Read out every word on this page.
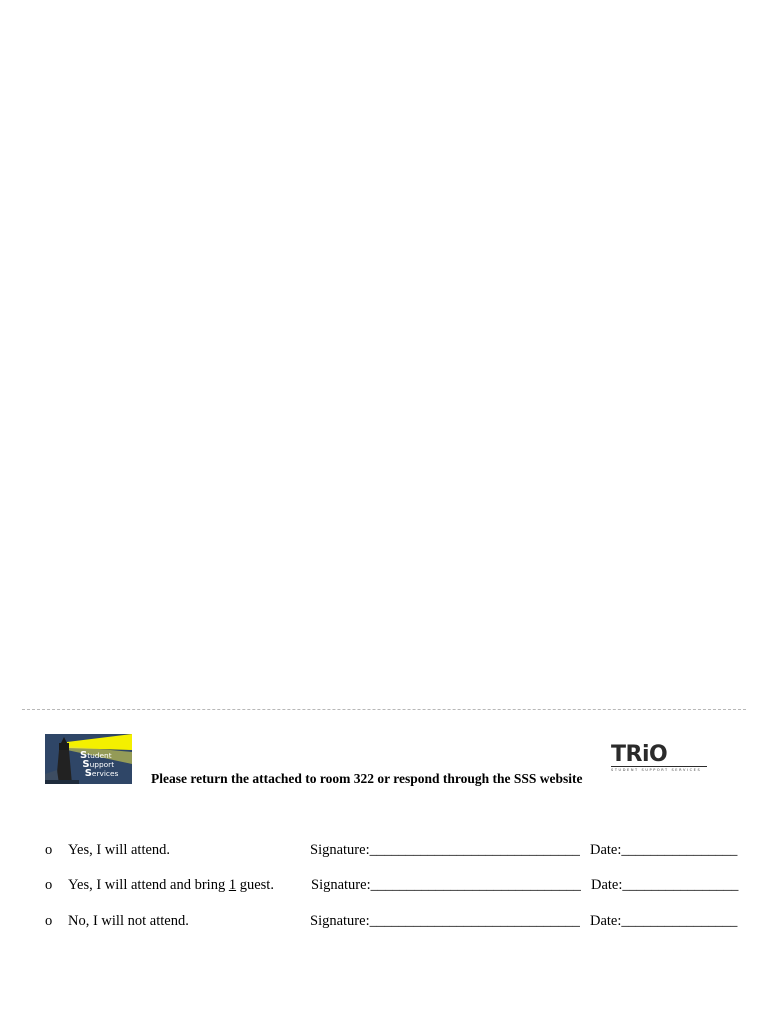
Student
Support
Services
TRiO
STUDENT SUPPORT SERVICES
Please return the attached to room 322 or respond through the SSS website
o Yes, I will attend.	Signature:_____________________________ Date:________________
o Yes, I will attend and bring 1 guest.	Signature:_____________________________ Date:________________
o No, I will not attend.	Signature:_____________________________ Date:________________
